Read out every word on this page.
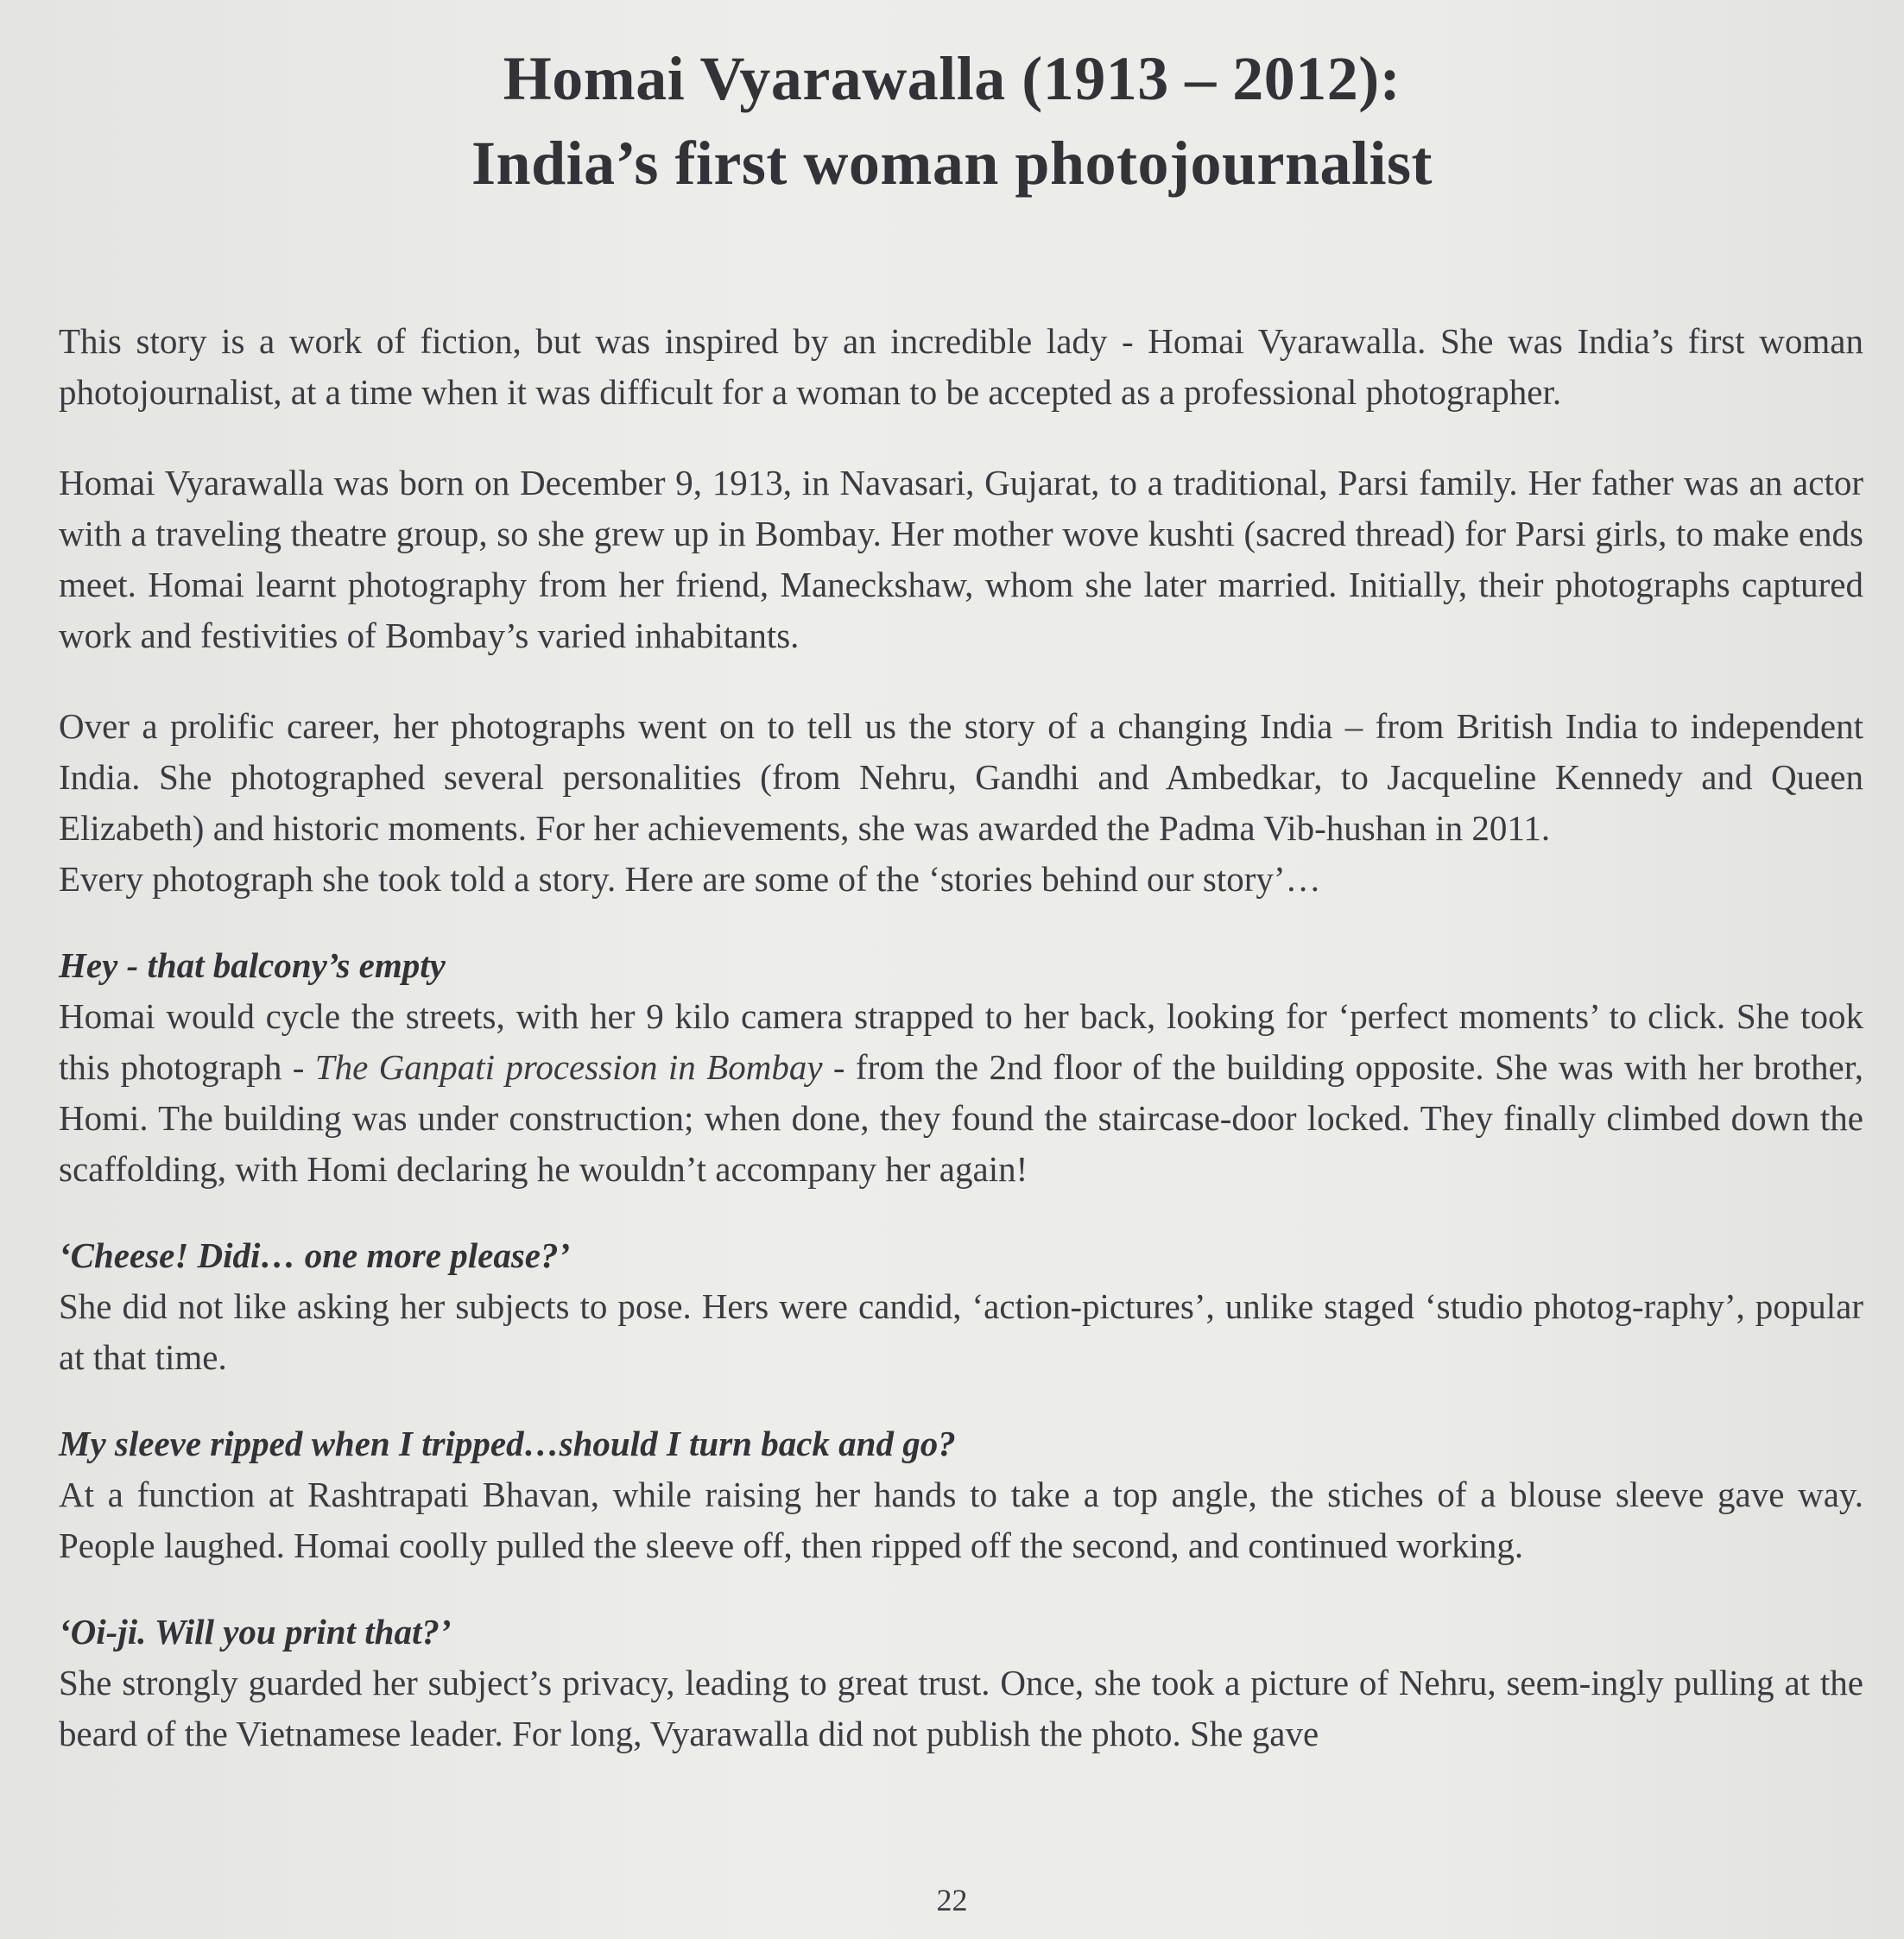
Homai Vyarawalla (1913 – 2012):
India’s first woman photojournalist

This story is a work of fiction, but was inspired by an incredible lady - Homai Vyarawalla. She was India’s first woman photojournalist, at a time when it was difficult for a woman to be accepted as a professional photographer.

Homai Vyarawalla was born on December 9, 1913, in Navasari, Gujarat, to a traditional, Parsi family. Her father was an actor with a traveling theatre group, so she grew up in Bombay. Her mother wove kushti (sacred thread) for Parsi girls, to make ends meet. Homai learnt photography from her friend, Maneckshaw, whom she later married. Initially, their photographs captured work and festivities of Bombay’s varied inhabitants.

Over a prolific career, her photographs went on to tell us the story of a changing India – from British India to independent India. She photographed several personalities (from Nehru, Gandhi and Ambedkar, to Jacqueline Kennedy and Queen Elizabeth) and historic moments. For her achievements, she was awarded the Padma Vib-hushan in 2011.

Every photograph she took told a story. Here are some of the ‘stories behind our story’…

Hey - that balcony’s empty

Homai would cycle the streets, with her 9 kilo camera strapped to her back, looking for ‘perfect moments’ to click. She took this photograph - The Ganpati procession in Bombay - from the 2nd floor of the building opposite. She was with her brother, Homi. The building was under construction; when done, they found the staircase-door locked. They finally climbed down the scaffolding, with Homi declaring he wouldn’t accompany her again!

‘Cheese! Didi… one more please?’

She did not like asking her subjects to pose. Hers were candid, ‘action-pictures’, unlike staged ‘studio photog-raphy’, popular at that time.

My sleeve ripped when I tripped…should I turn back and go?

At a function at Rashtrapati Bhavan, while raising her hands to take a top angle, the stiches of a blouse sleeve gave way. People laughed. Homai coolly pulled the sleeve off, then ripped off the second, and continued working.

‘Oi-ji. Will you print that?’

She strongly guarded her subject’s privacy, leading to great trust. Once, she took a picture of Nehru, seem-ingly pulling at the beard of the Vietnamese leader. For long, Vyarawalla did not publish the photo. She gave

22
